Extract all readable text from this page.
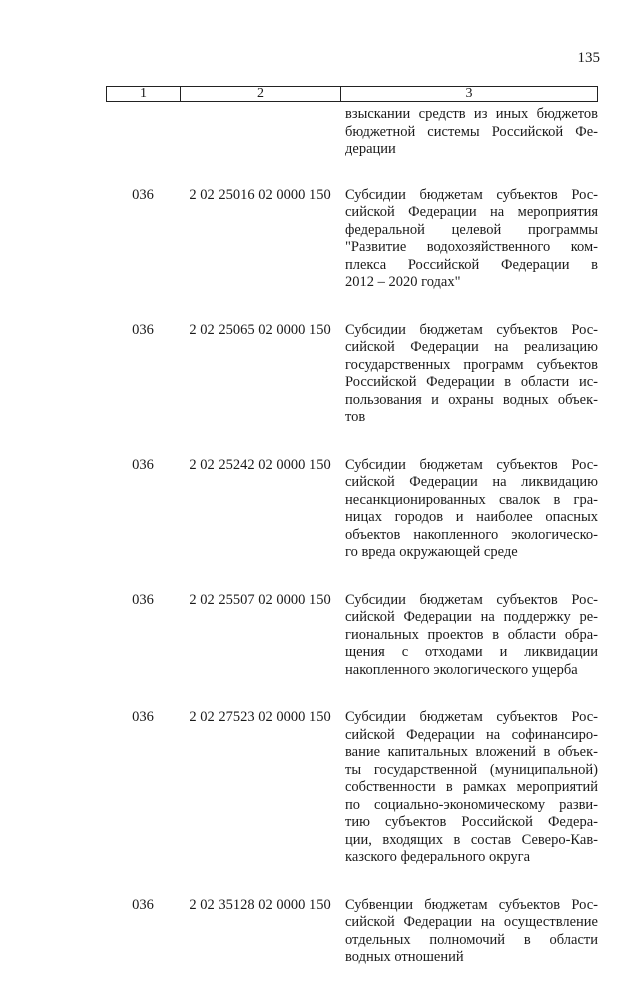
135
1	2	3
взыскании средств из иных бюджетов
бюджетной системы Российской Фе-
дерации
036	2 02 25016 02 0000 150 Субсидии бюджетам субъектов Рос-
сийской Федерации на мероприятия
федеральной целевой программы
"Развитие водохозяйственного ком-
плекса Российской Федерации в
2012 – 2020 годах"
036	2 02 25065 02 0000 150 Субсидии бюджетам субъектов Рос-
сийской Федерации на реализацию
государственных программ субъектов
Российской Федерации в области ис-
пользования и охраны водных объек-
тов
036	2 02 25242 02 0000 150 Субсидии бюджетам субъектов Рос-
сийской Федерации на ликвидацию
несанкционированных свалок в гра-
ницах городов и наиболее опасных
объектов накопленного экологическо-
го вреда окружающей среде
036	2 02 25507 02 0000 150 Субсидии бюджетам субъектов Рос-
сийской Федерации на поддержку ре-
гиональных проектов в области обра-
щения с отходами и ликвидации
накопленного экологического ущерба
036	2 02 27523 02 0000 150 Субсидии бюджетам субъектов Рос-
сийской Федерации на софинансиро-
вание капитальных вложений в объек-
ты государственной (муниципальной)
собственности в рамках мероприятий
по социально-экономическому разви-
тию субъектов Российской Федера-
ции, входящих в состав Северо-Кав-
казского федерального округа
036	2 02 35128 02 0000 150 Субвенции бюджетам субъектов Рос-
сийской Федерации на осуществление
отдельных полномочий в области
водных отношений
